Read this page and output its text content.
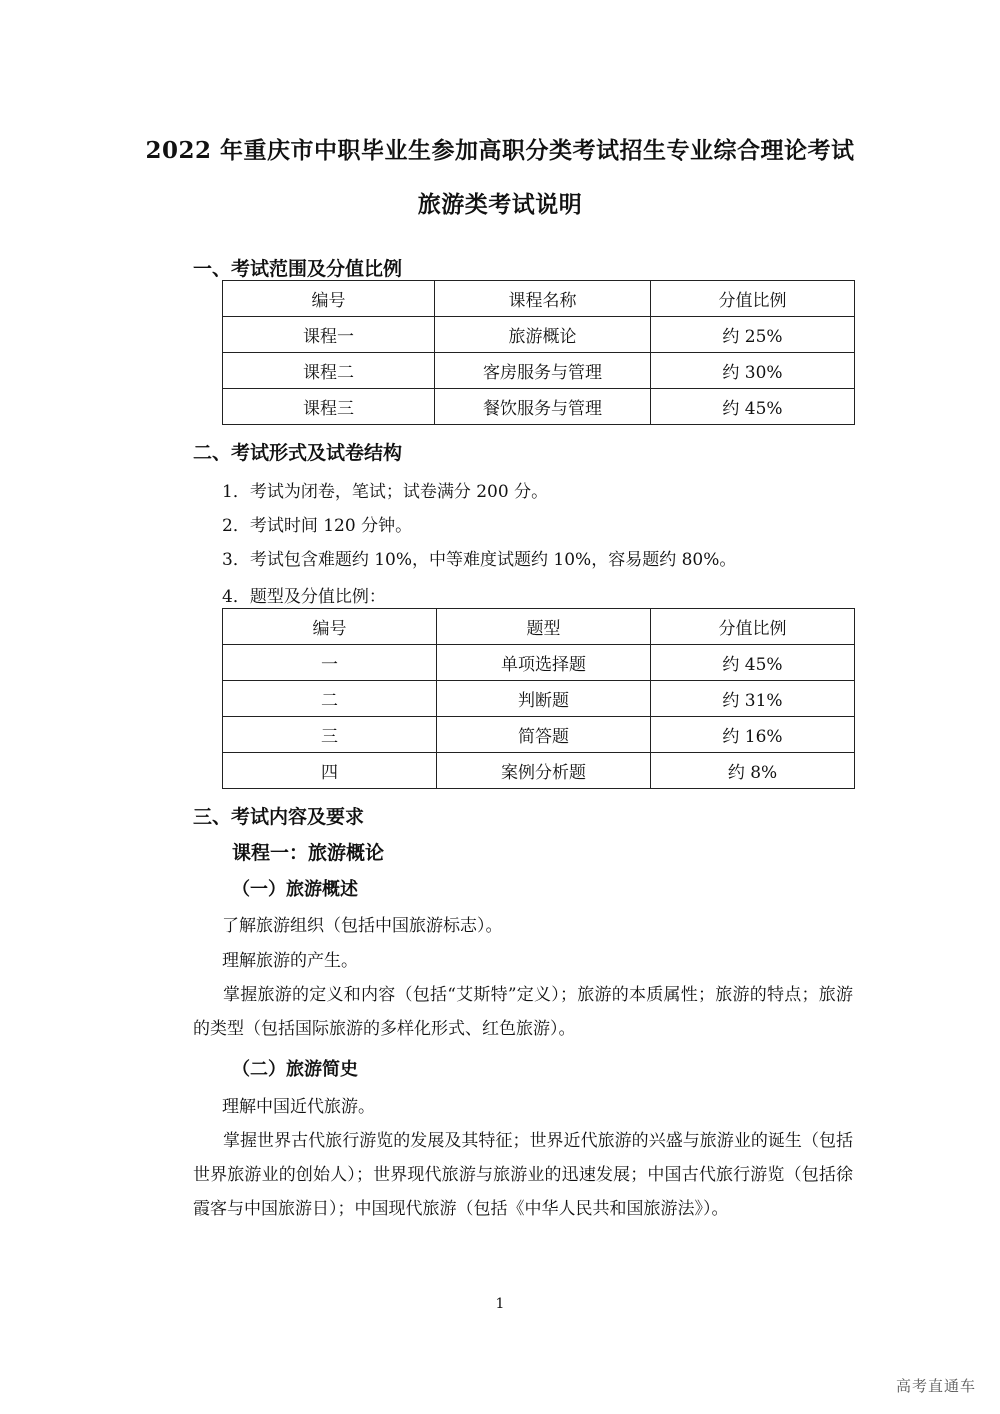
2022 年重庆市中职毕业生参加高职分类考试招生专业综合理论考试
旅游类考试说明
一、考试范围及分值比例
编号	课程名称	分值比例
课程一	旅游概论	约 25%
课程二	客房服务与管理	约 30%
课程三	餐饮服务与管理	约 45%
二、考试形式及试卷结构
1．考试为闭卷，笔试；试卷满分 200 分。
2．考试时间 120 分钟。
3．考试包含难题约 10%，中等难度试题约 10%，容易题约 80%。
4．题型及分值比例：
编号	题型	分值比例
一	单项选择题	约 45%
二	判断题	约 31%
三	简答题	约 16%
四	案例分析题	约 8%
三、考试内容及要求
课程一：旅游概论
（一）旅游概述
了解旅游组织（包括中国旅游标志）。
理解旅游的产生。
掌握旅游的定义和内容（包括“艾斯特”定义）；旅游的本质属性；旅游的特点；旅游的类型（包括国际旅游的多样化形式、红色旅游）。
（二）旅游简史
理解中国近代旅游。
掌握世界古代旅行游览的发展及其特征；世界近代旅游的兴盛与旅游业的诞生（包括世界旅游业的创始人）；世界现代旅游与旅游业的迅速发展；中国古代旅行游览（包括徐霞客与中国旅游日）；中国现代旅游（包括《中华人民共和国旅游法》）。
1
高考直通车
